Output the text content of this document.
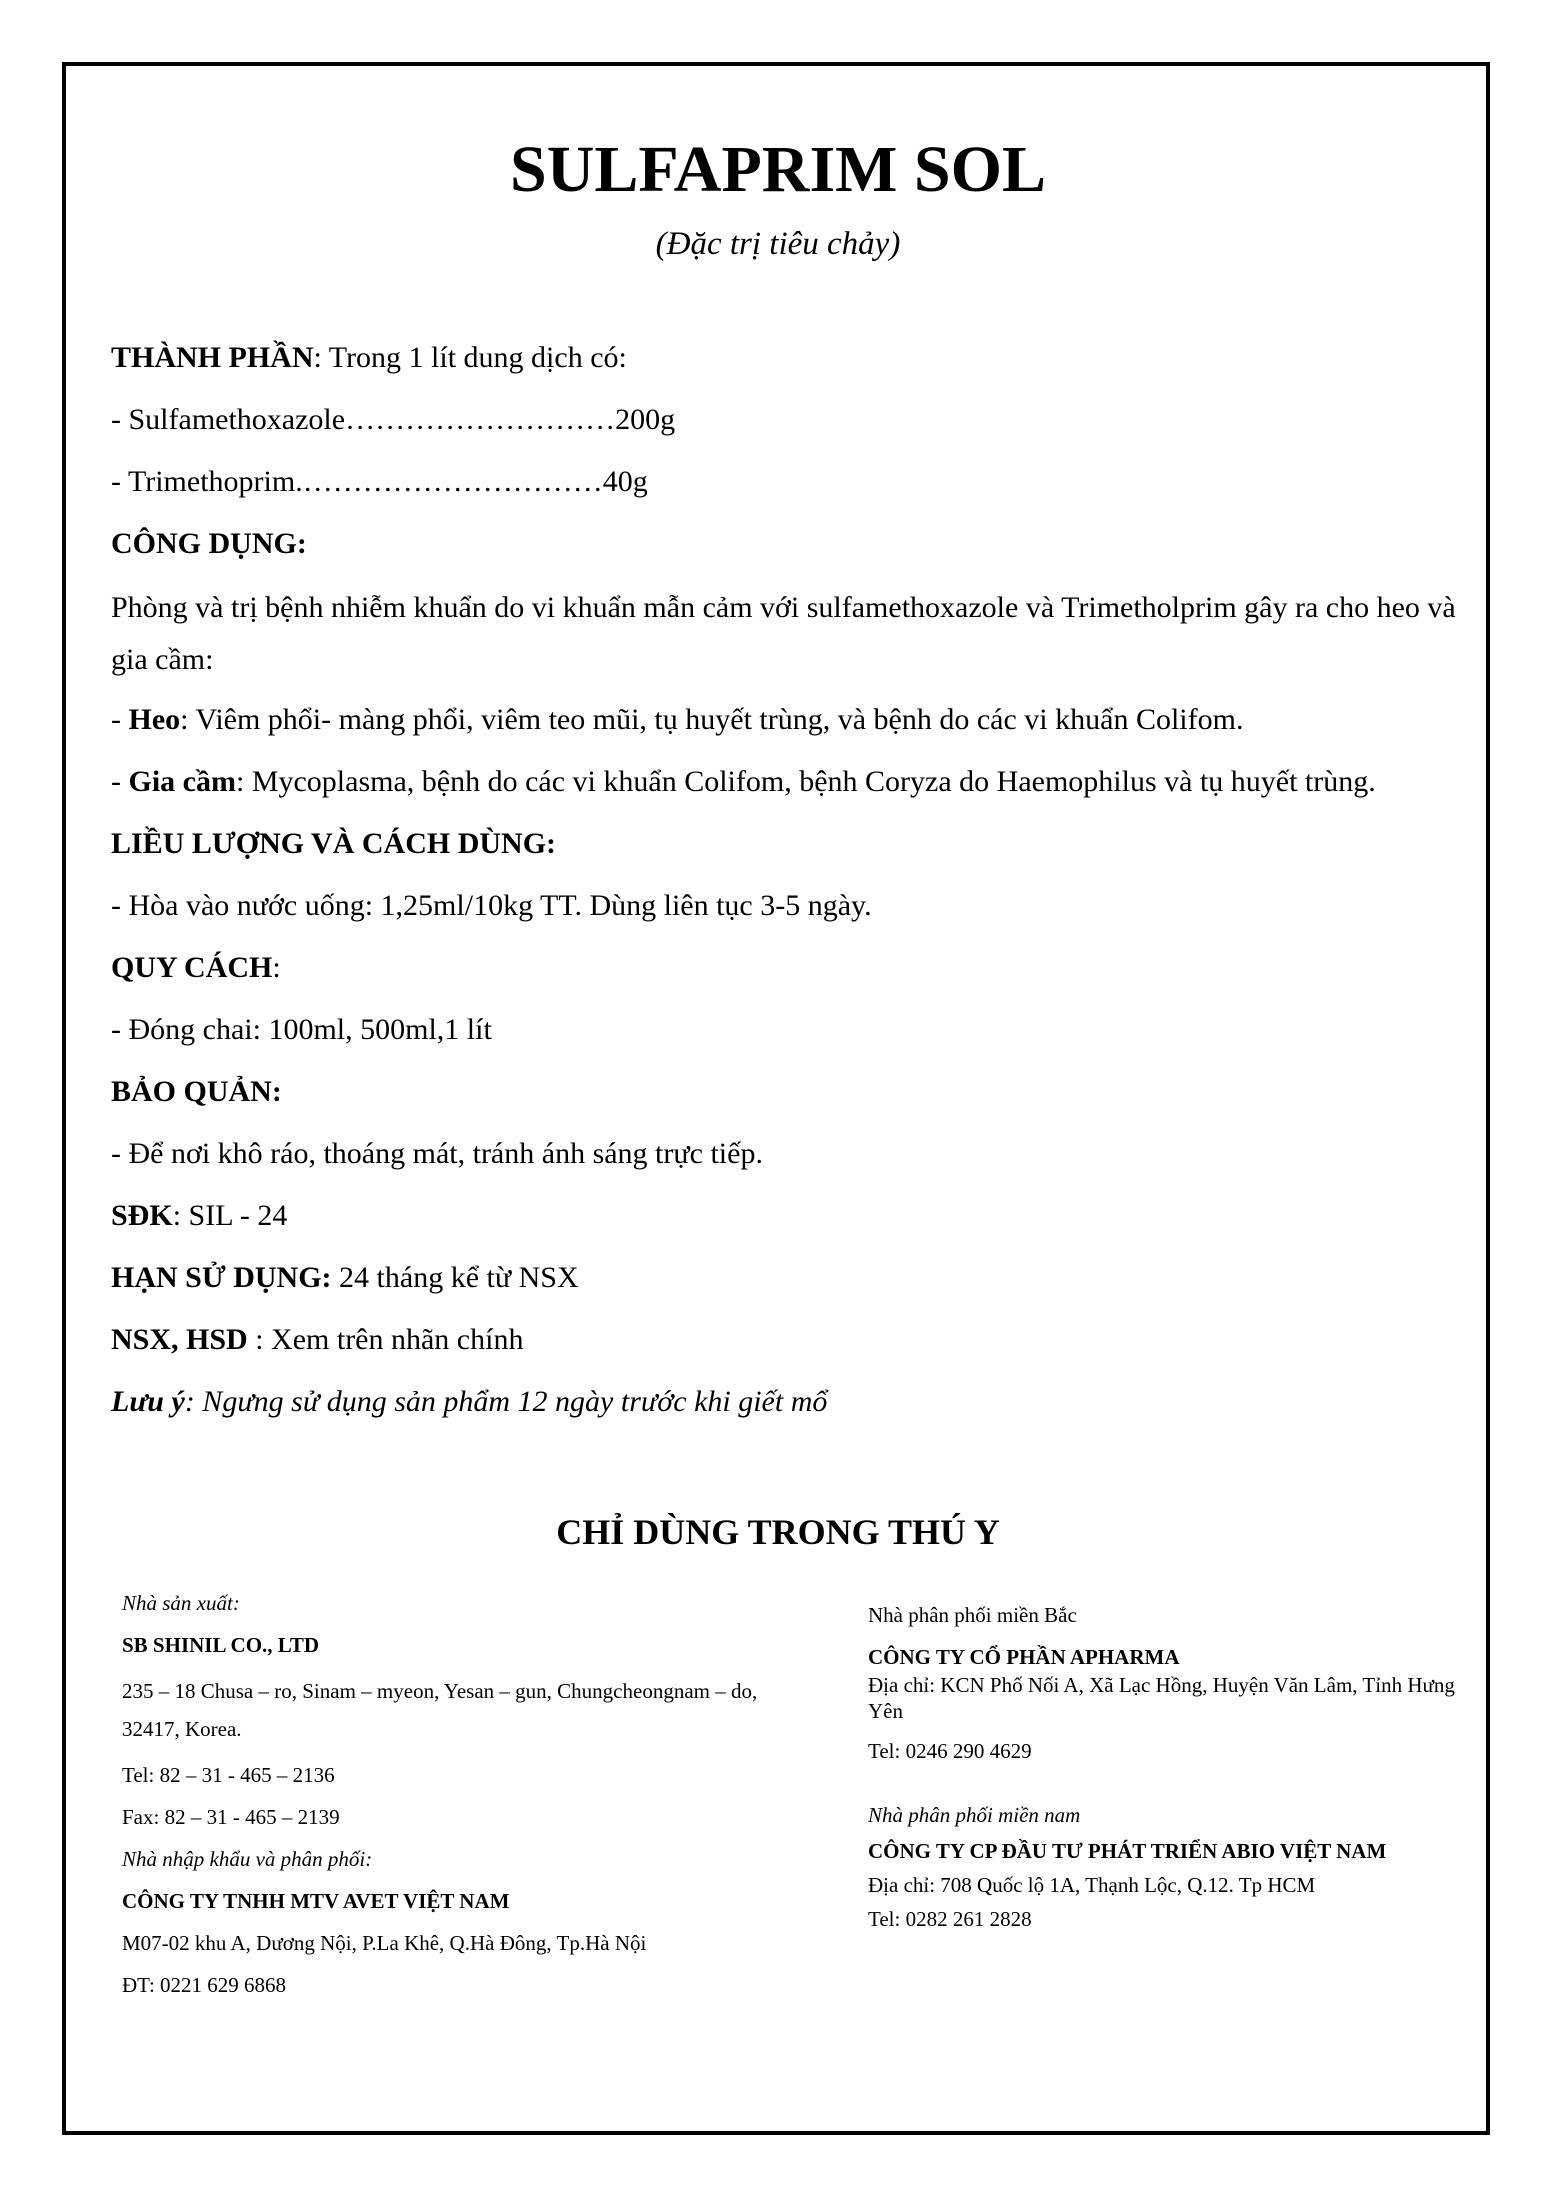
SULFAPRIM SOL
(Đặc trị tiêu chảy)
THÀNH PHẦN: Trong 1 lít dung dịch có:
- Sulfamethoxazole………………………200g
- Trimethoprim.…………………………40g
CÔNG DỤNG:
Phòng và trị bệnh nhiễm khuẩn do vi khuẩn mẫn cảm với sulfamethoxazole và Trimetholprim gây ra cho heo và gia cầm:
- Heo: Viêm phổi- màng phổi, viêm teo mũi, tụ huyết trùng, và bệnh do các vi khuẩn Colifom.
- Gia cầm: Mycoplasma, bệnh do các vi khuẩn Colifom, bệnh Coryza do Haemophilus và tụ huyết trùng.
LIỀU LƯỢNG VÀ CÁCH DÙNG:
- Hòa vào nước uống: 1,25ml/10kg TT. Dùng liên tục 3-5 ngày.
QUY CÁCH:
- Đóng chai: 100ml, 500ml,1 lít
BẢO QUẢN:
- Để nơi khô ráo, thoáng mát, tránh ánh sáng trực tiếp.
SĐK: SIL - 24
HẠN SỬ DỤNG: 24 tháng kể từ NSX
NSX, HSD : Xem trên nhãn chính
Lưu ý: Ngưng sử dụng sản phẩm 12 ngày trước khi giết mổ
CHỈ DÙNG TRONG THÚ Y
Nhà sản xuất:
SB SHINIL CO., LTD
235 – 18 Chusa – ro, Sinam – myeon, Yesan – gun, Chungcheongnam – do, 32417, Korea.
Tel: 82 – 31 - 465 – 2136
Fax: 82 – 31 - 465 – 2139
Nhà nhập khẩu và phân phối:
CÔNG TY TNHH MTV AVET VIỆT NAM
M07-02 khu A, Dương Nội, P.La Khê, Q.Hà Đông, Tp.Hà Nội
ĐT: 0221 629 6868
Nhà phân phối miền Bắc
CÔNG TY CỔ PHẦN APHARMA
Địa chỉ: KCN Phố Nối A, Xã Lạc Hồng, Huyện Văn Lâm, Tỉnh Hưng Yên
Tel: 0246 290 4629
Nhà phân phối miền nam
CÔNG TY CP ĐẦU TƯ PHÁT TRIỂN ABIO VIỆT NAM
Địa chỉ: 708 Quốc lộ 1A, Thạnh Lộc, Q.12. Tp HCM
Tel: 0282 261 2828
